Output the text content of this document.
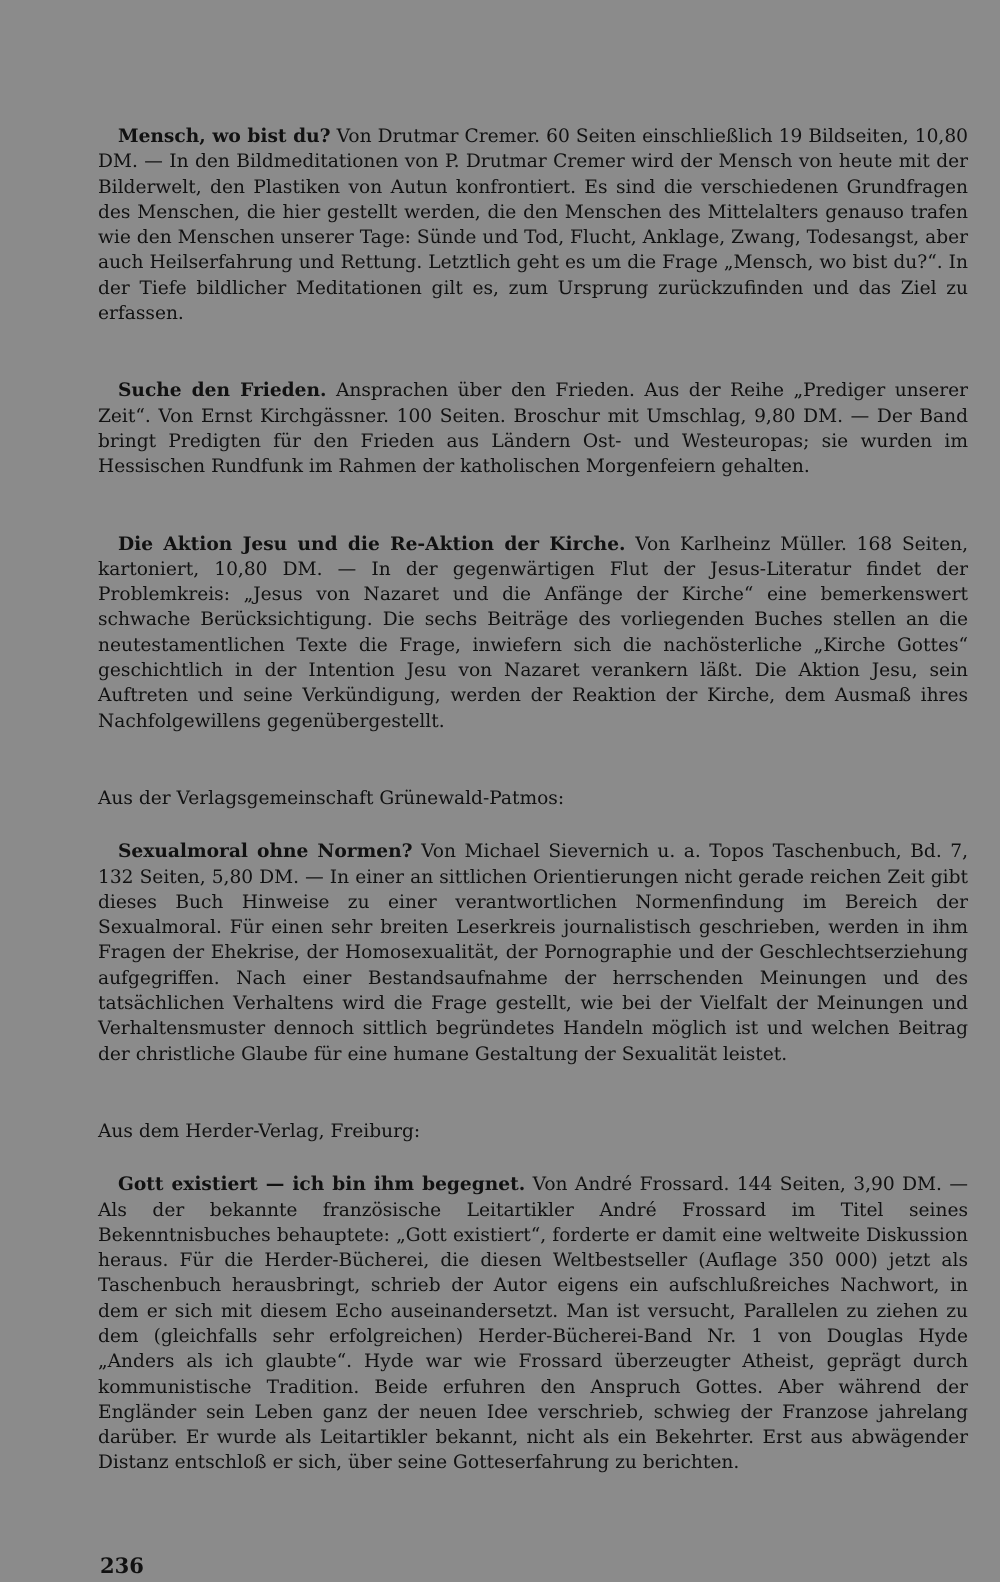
Mensch, wo bist du? Von Drutmar Cremer. 60 Seiten einschließlich 19 Bildseiten, 10,80 DM. — In den Bildmeditationen von P. Drutmar Cremer wird der Mensch von heute mit der Bilderwelt, den Plastiken von Autun konfrontiert. Es sind die verschiedenen Grundfragen des Menschen, die hier gestellt werden, die den Menschen des Mittelalters genauso trafen wie den Menschen unserer Tage: Sünde und Tod, Flucht, Anklage, Zwang, Todesangst, aber auch Heilserfahrung und Rettung. Letztlich geht es um die Frage „Mensch, wo bist du?“. In der Tiefe bildlicher Meditationen gilt es, zum Ursprung zurückzufinden und das Ziel zu erfassen.

Suche den Frieden. Ansprachen über den Frieden. Aus der Reihe „Prediger unserer Zeit“. Von Ernst Kirchgässner. 100 Seiten. Broschur mit Umschlag, 9,80 DM. — Der Band bringt Predigten für den Frieden aus Ländern Ost- und Westeuropas; sie wurden im Hessischen Rundfunk im Rahmen der katholischen Morgenfeiern gehalten.

Die Aktion Jesu und die Re-Aktion der Kirche. Von Karlheinz Müller. 168 Seiten, kartoniert, 10,80 DM. — In der gegenwärtigen Flut der Jesus-Literatur findet der Problemkreis: „Jesus von Nazaret und die Anfänge der Kirche“ eine bemerkenswert schwache Berücksichtigung. Die sechs Beiträge des vorliegenden Buches stellen an die neutestamentlichen Texte die Frage, inwiefern sich die nachösterliche „Kirche Gottes“ geschichtlich in der Intention Jesu von Nazaret verankern läßt. Die Aktion Jesu, sein Auftreten und seine Verkündigung, werden der Reaktion der Kirche, dem Ausmaß ihres Nachfolgewillens gegenübergestellt.

Aus der Verlagsgemeinschaft Grünewald-Patmos:

Sexualmoral ohne Normen? Von Michael Sievernich u. a. Topos Taschenbuch, Bd. 7, 132 Seiten, 5,80 DM. — In einer an sittlichen Orientierungen nicht gerade reichen Zeit gibt dieses Buch Hinweise zu einer verantwortlichen Normenfindung im Bereich der Sexualmoral. Für einen sehr breiten Leserkreis journalistisch geschrieben, werden in ihm Fragen der Ehekrise, der Homosexualität, der Pornographie und der Geschlechtserziehung aufgegriffen. Nach einer Bestandsaufnahme der herrschenden Meinungen und des tatsächlichen Verhaltens wird die Frage gestellt, wie bei der Vielfalt der Meinungen und Verhaltensmuster dennoch sittlich begründetes Handeln möglich ist und welchen Beitrag der christliche Glaube für eine humane Gestaltung der Sexualität leistet.

Aus dem Herder-Verlag, Freiburg:

Gott existiert — ich bin ihm begegnet. Von André Frossard. 144 Seiten, 3,90 DM. — Als der bekannte französische Leitartikler André Frossard im Titel seines Bekenntnisbuches behauptete: „Gott existiert“, forderte er damit eine weltweite Diskussion heraus. Für die Herder-Bücherei, die diesen Weltbestseller (Auflage 350 000) jetzt als Taschenbuch herausbringt, schrieb der Autor eigens ein aufschlußreiches Nachwort, in dem er sich mit diesem Echo auseinandersetzt. Man ist versucht, Parallelen zu ziehen zu dem (gleichfalls sehr erfolgreichen) Herder-Bücherei-Band Nr. 1 von Douglas Hyde „Anders als ich glaubte“. Hyde war wie Frossard überzeugter Atheist, geprägt durch kommunistische Tradition. Beide erfuhren den Anspruch Gottes. Aber während der Engländer sein Leben ganz der neuen Idee verschrieb, schwieg der Franzose jahrelang darüber. Er wurde als Leitartikler bekannt, nicht als ein Bekehrter. Erst aus abwägender Distanz entschloß er sich, über seine Gotteserfahrung zu berichten.

236
